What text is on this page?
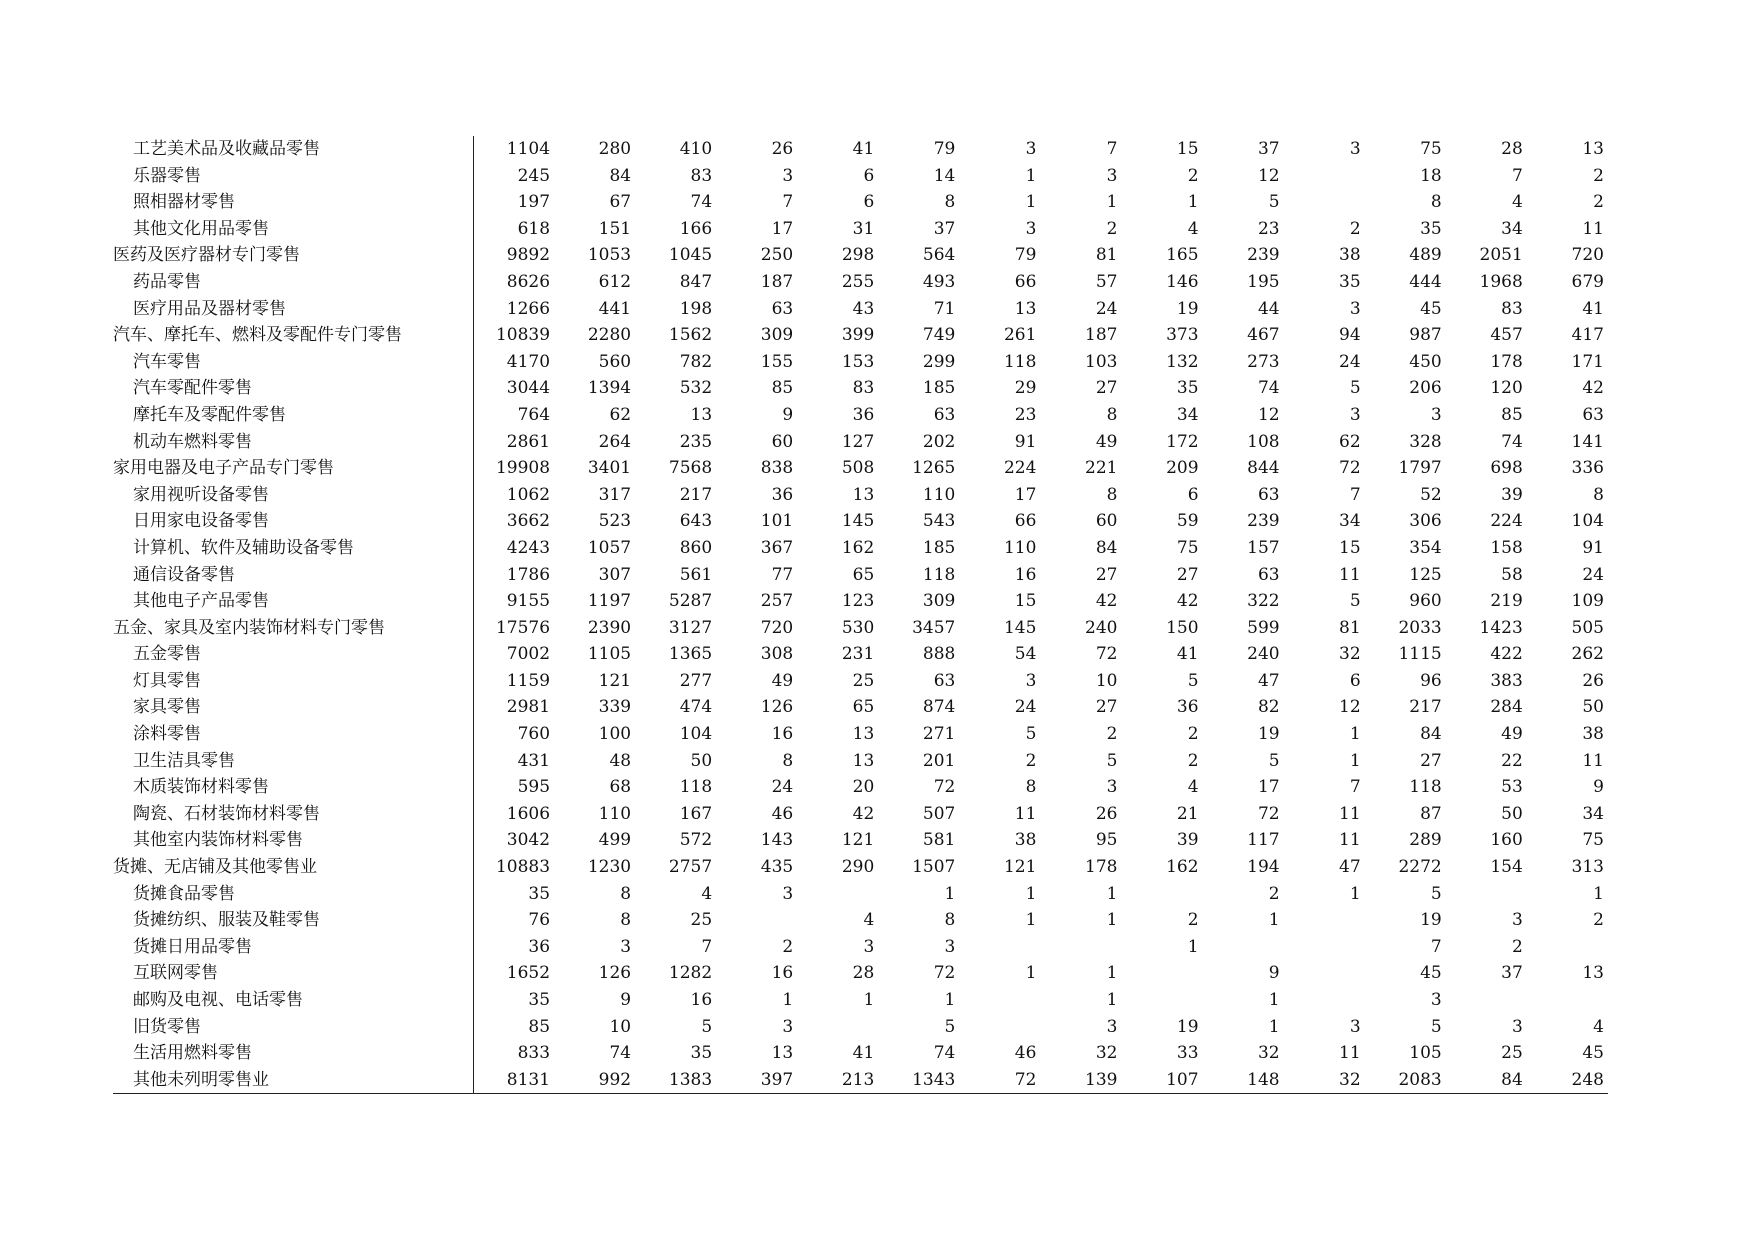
工艺美术品及收藏品零售	1104	280	410	26	41	79	3	7	15	37	3	75	28	13
乐器零售	245	84	83	3	6	14	1	3	2	12		18	7	2
照相器材零售	197	67	74	7	6	8	1	1	1	5		8	4	2
其他文化用品零售	618	151	166	17	31	37	3	2	4	23	2	35	34	11
医药及医疗器材专门零售	9892	1053	1045	250	298	564	79	81	165	239	38	489	2051	720
药品零售	8626	612	847	187	255	493	66	57	146	195	35	444	1968	679
医疗用品及器材零售	1266	441	198	63	43	71	13	24	19	44	3	45	83	41
汽车、摩托车、燃料及零配件专门零售	10839	2280	1562	309	399	749	261	187	373	467	94	987	457	417
汽车零售	4170	560	782	155	153	299	118	103	132	273	24	450	178	171
汽车零配件零售	3044	1394	532	85	83	185	29	27	35	74	5	206	120	42
摩托车及零配件零售	764	62	13	9	36	63	23	8	34	12	3	3	85	63
机动车燃料零售	2861	264	235	60	127	202	91	49	172	108	62	328	74	141
家用电器及电子产品专门零售	19908	3401	7568	838	508	1265	224	221	209	844	72	1797	698	336
家用视听设备零售	1062	317	217	36	13	110	17	8	6	63	7	52	39	8
日用家电设备零售	3662	523	643	101	145	543	66	60	59	239	34	306	224	104
计算机、软件及辅助设备零售	4243	1057	860	367	162	185	110	84	75	157	15	354	158	91
通信设备零售	1786	307	561	77	65	118	16	27	27	63	11	125	58	24
其他电子产品零售	9155	1197	5287	257	123	309	15	42	42	322	5	960	219	109
五金、家具及室内装饰材料专门零售	17576	2390	3127	720	530	3457	145	240	150	599	81	2033	1423	505
五金零售	7002	1105	1365	308	231	888	54	72	41	240	32	1115	422	262
灯具零售	1159	121	277	49	25	63	3	10	5	47	6	96	383	26
家具零售	2981	339	474	126	65	874	24	27	36	82	12	217	284	50
涂料零售	760	100	104	16	13	271	5	2	2	19	1	84	49	38
卫生洁具零售	431	48	50	8	13	201	2	5	2	5	1	27	22	11
木质装饰材料零售	595	68	118	24	20	72	8	3	4	17	7	118	53	9
陶瓷、石材装饰材料零售	1606	110	167	46	42	507	11	26	21	72	11	87	50	34
其他室内装饰材料零售	3042	499	572	143	121	581	38	95	39	117	11	289	160	75
货摊、无店铺及其他零售业	10883	1230	2757	435	290	1507	121	178	162	194	47	2272	154	313
货摊食品零售	35	8	4	3		1	1	1		2	1	5		1
货摊纺织、服装及鞋零售	76	8	25		4	8	1	1	2	1		19	3	2
货摊日用品零售	36	3	7	2	3	3			1			7	2	
互联网零售	1652	126	1282	16	28	72	1	1		9		45	37	13
邮购及电视、电话零售	35	9	16	1	1	1		1		1		3		
旧货零售	85	10	5	3		5		3	19	1	3	5	3	4
生活用燃料零售	833	74	35	13	41	74	46	32	33	32	11	105	25	45
其他未列明零售业	8131	992	1383	397	213	1343	72	139	107	148	32	2083	84	248
